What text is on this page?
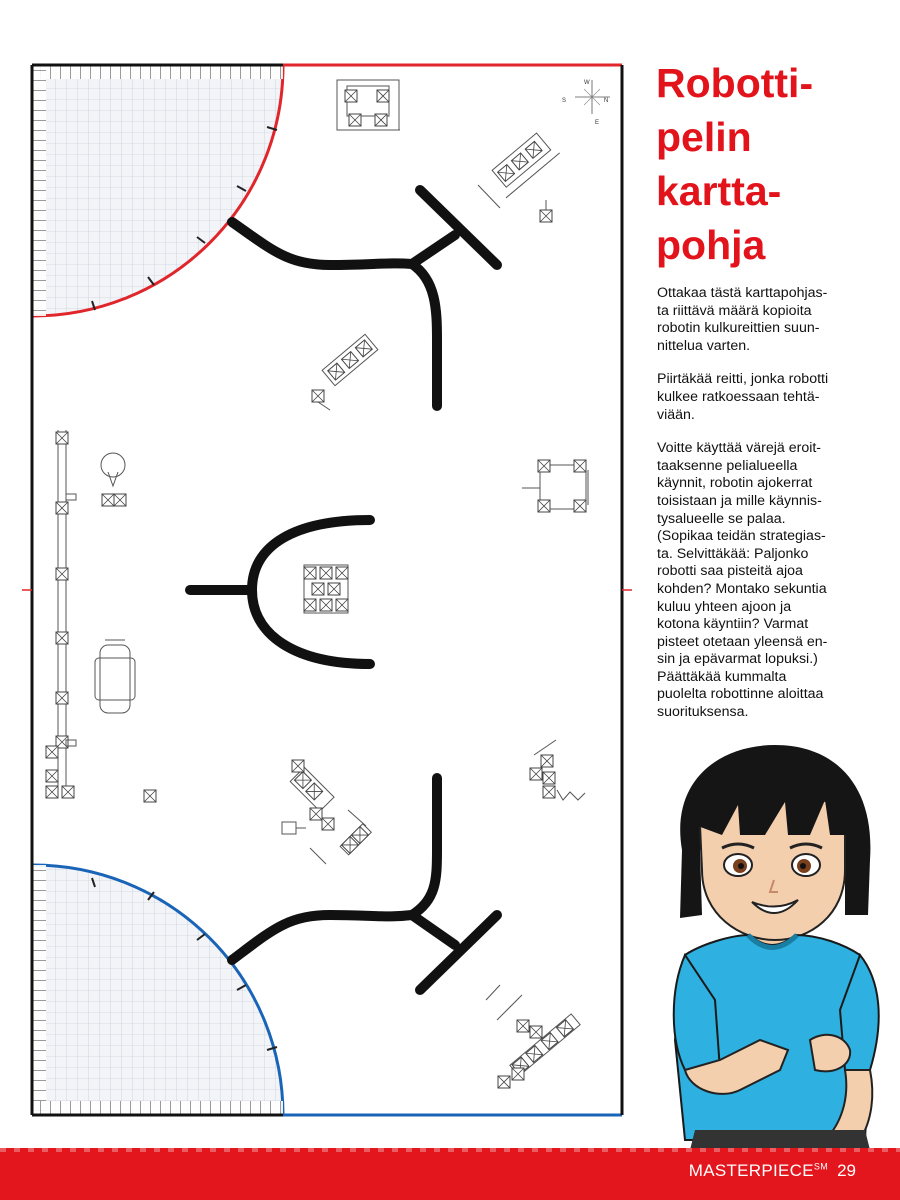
W
N
S
E
Robotti-
pelin
kartta-
pohja

Ottakaa tästä karttapohjas-
ta riittävä määrä kopioita
robotin kulkureittien suun-
nittelua varten.

Piirtäkää reitti, jonka robotti
kulkee ratkoessaan tehtä-
viään.

Voitte käyttää värejä eroit-
taaksenne pelialueella
käynnit, robotin ajokerrat
toisistaan ja mille käynnis-
tysalueelle se palaa.
(Sopikaa teidän strategias-
ta. Selvittäkää: Paljonko
robotti saa pisteitä ajoa
kohden? Montako sekuntia
kuluu yhteen ajoon ja
kotona käyntiin? Varmat
pisteet otetaan yleensä en-
sin ja epävarmat lopuksi.)
Päättäkää kummalta
puolelta robottinne aloittaa
suorituksensa.

MASTERPIECE℠ 29
